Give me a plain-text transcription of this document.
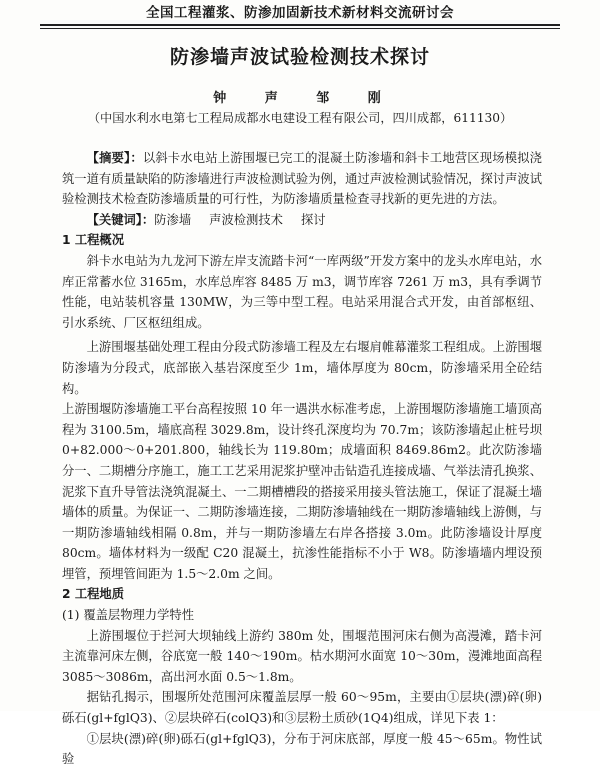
全国工程灌浆、防渗加固新技术新材料交流研讨会
防渗墙声波试验检测技术探讨
钟 声	邹 刚
（中国水利水电第七工程局成都水电建设工程有限公司，四川成都，611130）

【摘要】：以斜卡水电站上游围堰已完工的混凝土防渗墙和斜卡工地营区现场模拟浇筑一道有质量缺陷的防渗墙进行声波检测试验为例，通过声波检测试验情况，探讨声波试验检测技术检查防渗墙质量的可行性，为防渗墙质量检查寻找新的更先进的方法。

【关键词】：防渗墙 声波检测技术 探讨

1 工程概况

斜卡水电站为九龙河下游左岸支流踏卡河“一库两级”开发方案中的龙头水库电站，水库正常蓄水位 3165m，水库总库容 8485 万 m3，调节库容 7261 万 m3，具有季调节性能，电站装机容量 130MW，为三等中型工程。电站采用混合式开发，由首部枢纽、引水系统、厂区枢纽组成。

上游围堰基础处理工程由分段式防渗墙工程及左右堰肩帷幕灌浆工程组成。上游围堰防渗墙为分段式，底部嵌入基岩深度至少 1m，墙体厚度为 80cm，防渗墙采用全砼结构。

上游围堰防渗墙施工平台高程按照 10 年一遇洪水标准考虑，上游围堰防渗墙施工墙顶高程为 3100.5m，墙底高程 3029.8m，设计终孔深度均为 70.7m；该防渗墙起止桩号坝0+82.000～0+201.800，轴线长为 119.80m；成墙面积 8469.86m2。此次防渗墙分一、二期槽分序施工，施工工艺采用泥浆护壁冲击钻造孔连接成墙、气举法清孔换浆、泥浆下直升导管法浇筑混凝土、一二期槽槽段的搭接采用接头管法施工，保证了混凝土墙墙体的质量。为保证一、二期防渗墙连接，二期防渗墙轴线在一期防渗墙轴线上游侧，与一期防渗墙轴线相隔 0.8m，并与一期防渗墙左右岸各搭接 3.0m。此防渗墙设计厚度 80cm。墙体材料为一级配 C20 混凝土，抗渗性能指标不小于 W8。防渗墙墙内埋设预埋管，预埋管间距为 1.5～2.0m 之间。

2 工程地质

(1) 覆盖层物理力学特性

上游围堰位于拦河大坝轴线上游约 380m 处，围堰范围河床右侧为高漫滩，踏卡河主流靠河床左侧，谷底宽一般 140～190m。枯水期河水面宽 10～30m，漫滩地面高程 3085～3086m，高出河水面 0.5～1.8m。

据钻孔揭示，围堰所处范围河床覆盖层厚一般 60～95m，主要由①层块(漂)碎(卵)砾石(gl+fglQ3)、②层块碎石(colQ3)和③层粉土质砂(1Q4)组成，详见下表 1：

①层块(漂)碎(卵)砾石(gl+fglQ3)，分布于河床底部，厚度一般 45～65m。物性试验
